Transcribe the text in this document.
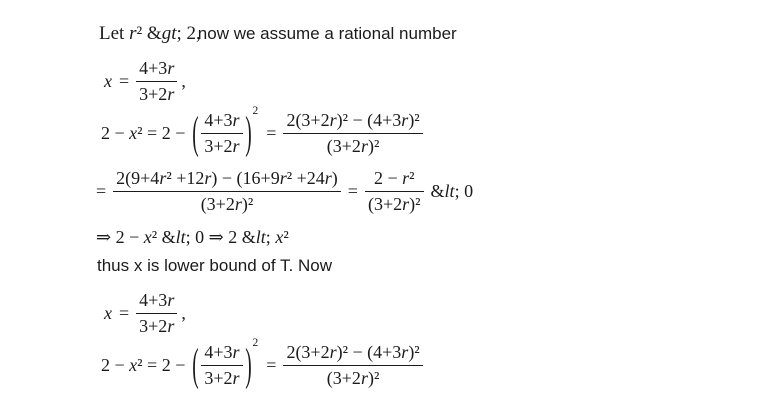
Let r² &gt; 2,now we assume a rational number
$x = \frac{4+3r}{3+2r}$ ,
2 − x² = 2 − ( $\frac{4+3r}{3+2r}$ ) 2
= $\frac{\text{2(3+2r)² − (4+3r)²}}{\text{(3+2r)²}}$
= $\frac{\text{2(9+4r² +12r) − (16+9r² +24r)}}{\text{(3+2r)²}} = \frac{\text{2 − r²}}{\text{(3+2r)²}}$ &lt; 0
⇒ 2 − x² &lt; 0 ⇒ 2 &lt; x²
thus x is lower bound of T. Now
$x = \frac{4+3r}{3+2r}$ ,
2 − x² = 2 − ( $\frac{4+3r}{3+2r}$ ) 2
= $\frac{\text{2(3+2r)² − (4+3r)²}}{\text{(3+2r)²}}$
